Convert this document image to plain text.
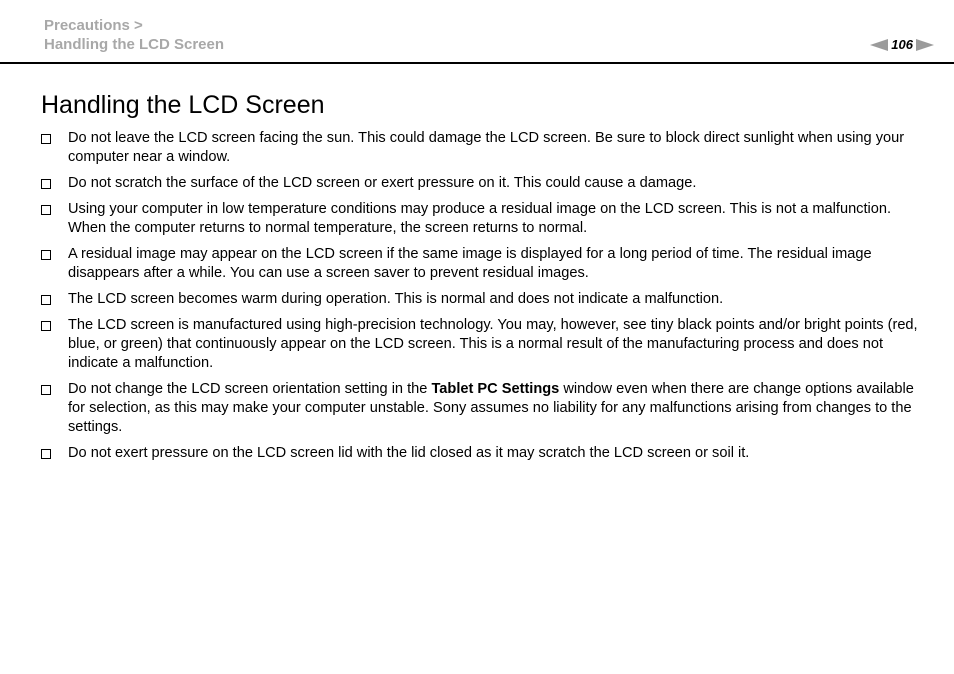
Precautions >
Handling the LCD Screen	106
Handling the LCD Screen
Do not leave the LCD screen facing the sun. This could damage the LCD screen. Be sure to block direct sunlight when using your computer near a window.
Do not scratch the surface of the LCD screen or exert pressure on it. This could cause a damage.
Using your computer in low temperature conditions may produce a residual image on the LCD screen. This is not a malfunction. When the computer returns to normal temperature, the screen returns to normal.
A residual image may appear on the LCD screen if the same image is displayed for a long period of time. The residual image disappears after a while. You can use a screen saver to prevent residual images.
The LCD screen becomes warm during operation. This is normal and does not indicate a malfunction.
The LCD screen is manufactured using high-precision technology. You may, however, see tiny black points and/or bright points (red, blue, or green) that continuously appear on the LCD screen. This is a normal result of the manufacturing process and does not indicate a malfunction.
Do not change the LCD screen orientation setting in the Tablet PC Settings window even when there are change options available for selection, as this may make your computer unstable. Sony assumes no liability for any malfunctions arising from changes to the settings.
Do not exert pressure on the LCD screen lid with the lid closed as it may scratch the LCD screen or soil it.
